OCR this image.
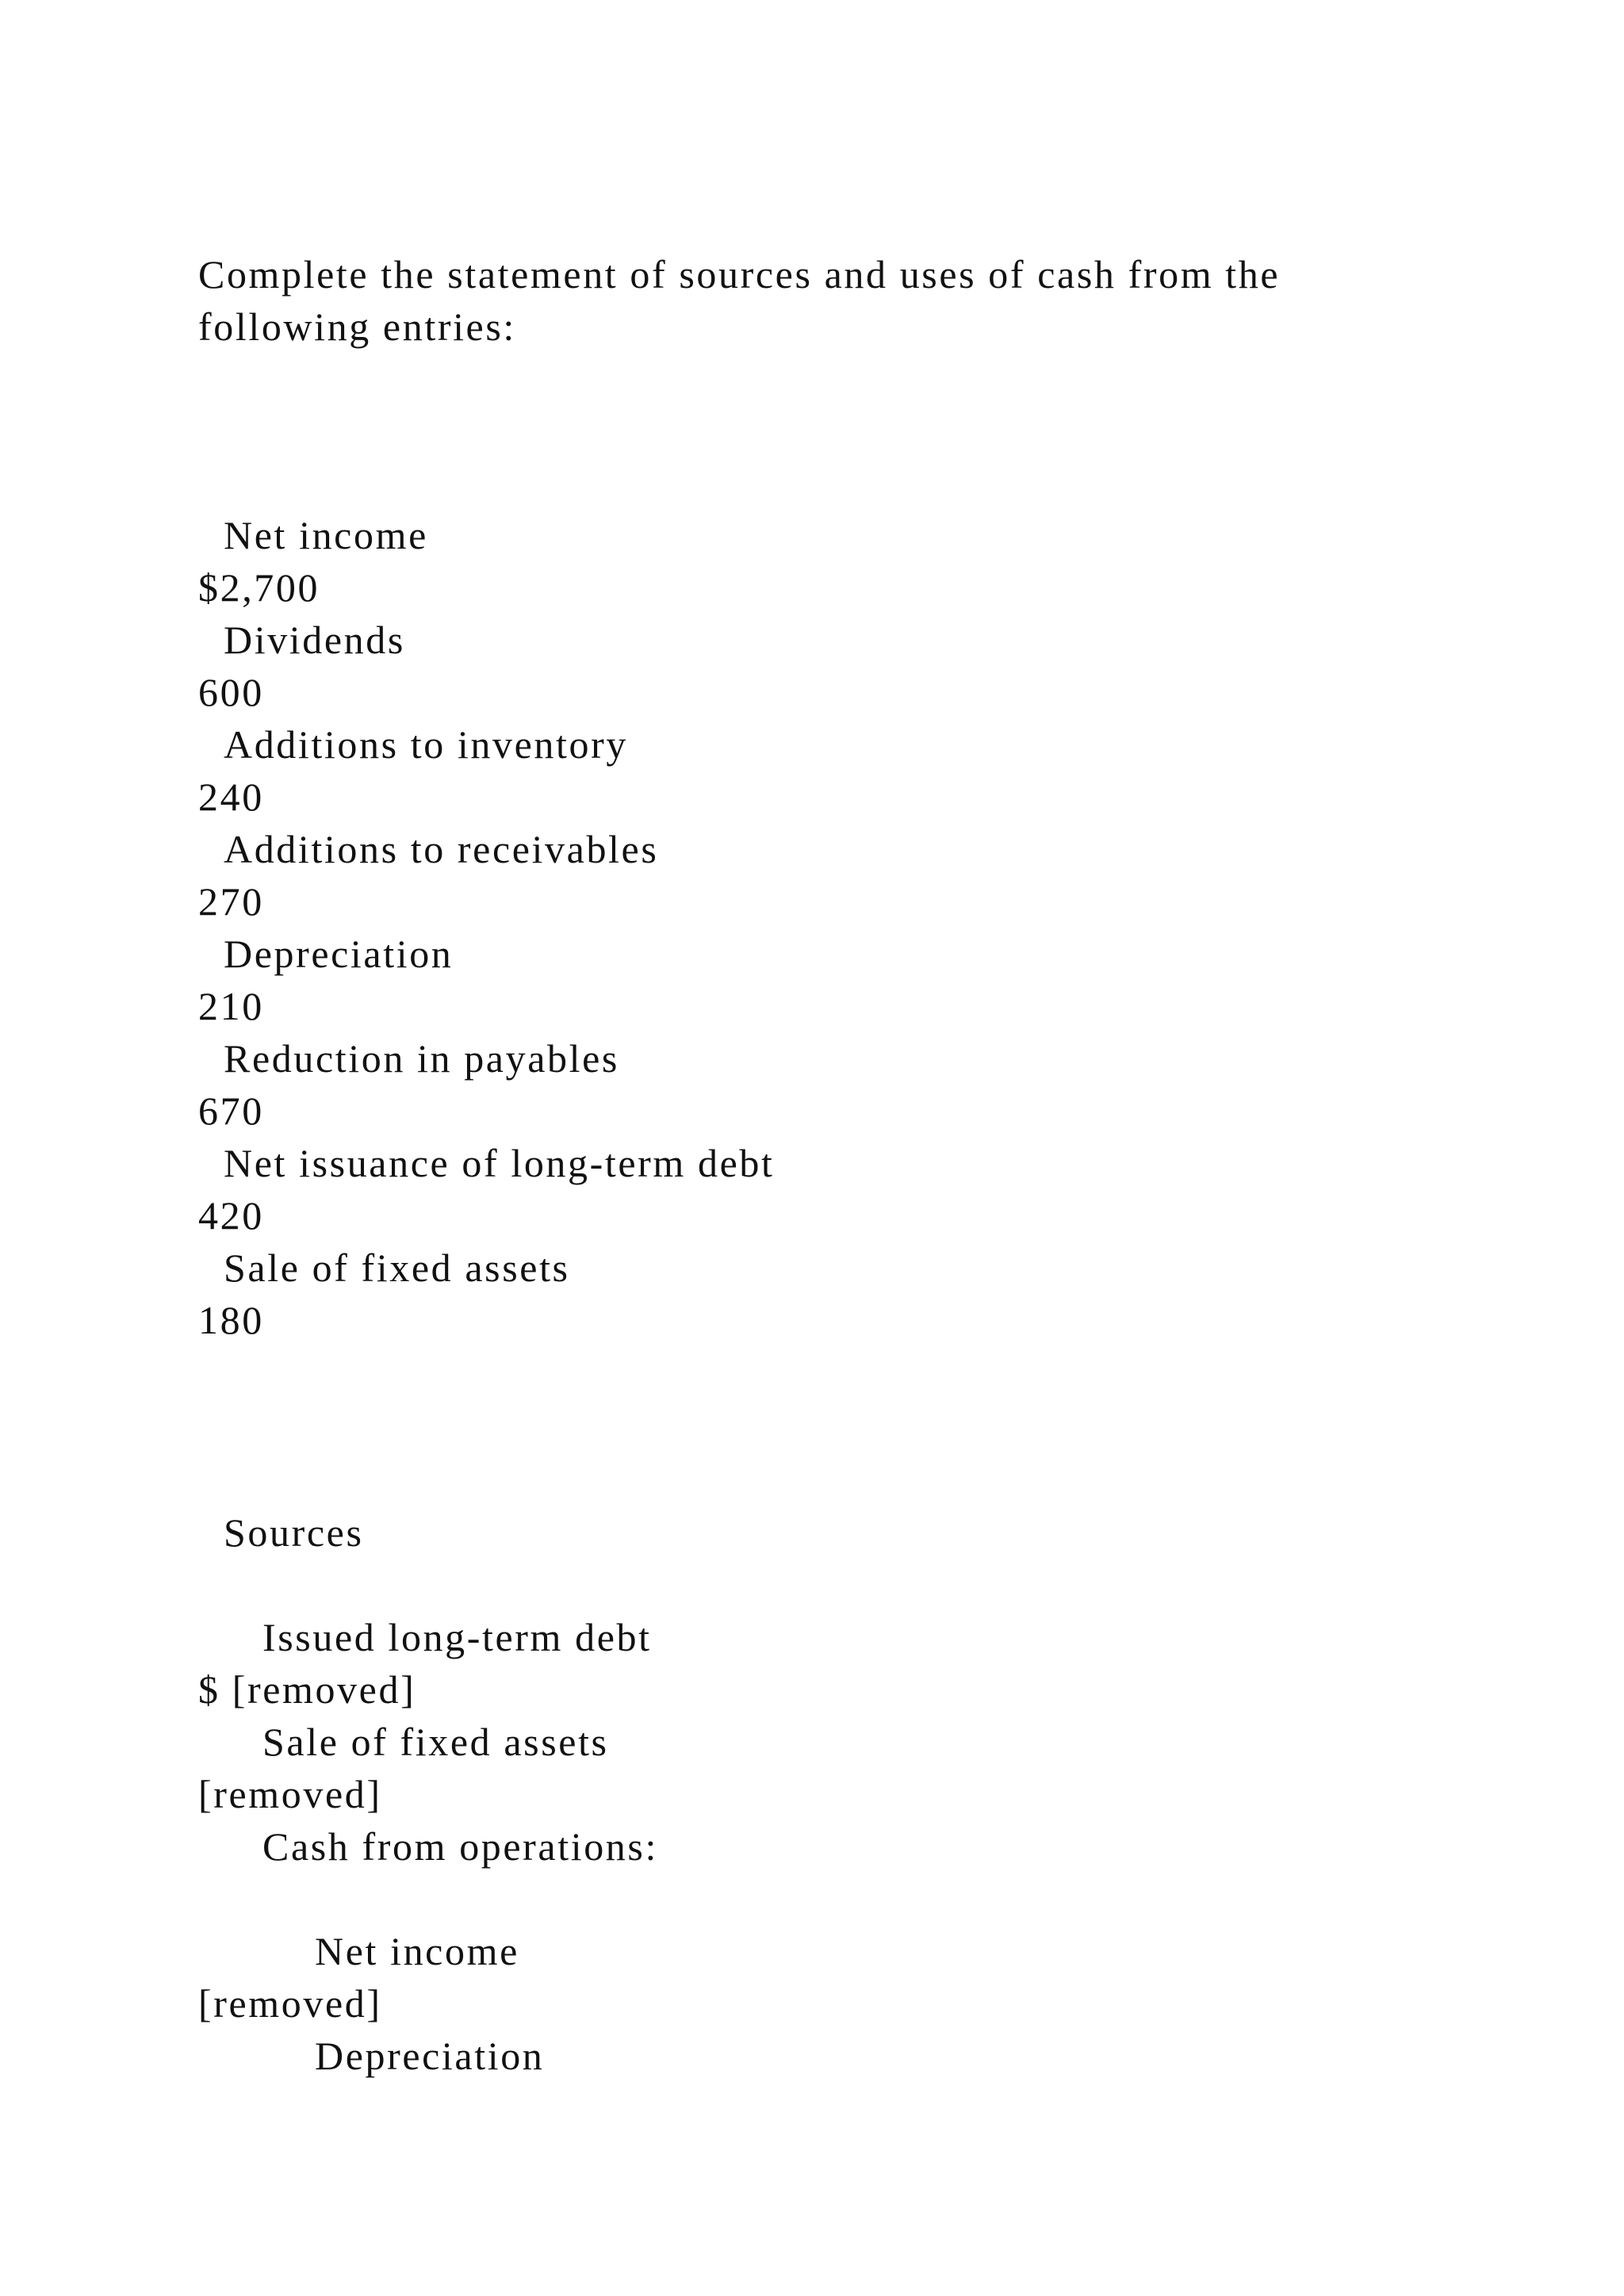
Complete the statement of sources and uses of cash from the

following entries:

Net income

$2,700

Dividends

600

Additions to inventory

240

Additions to receivables

270

Depreciation

210

Reduction in payables

670

Net issuance of long-term debt

420

Sale of fixed assets

180

Sources

Issued long-term debt

$ [removed]

Sale of fixed assets

[removed]

Cash from operations:

Net income

[removed]

Depreciation
